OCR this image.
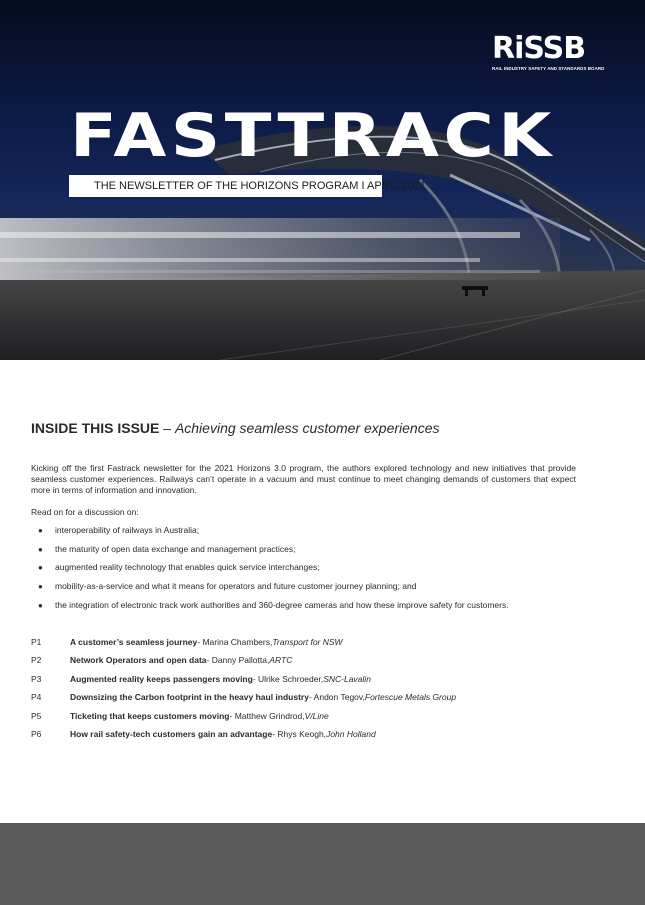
RiSSB
RAIL INDUSTRY SAFETY AND STANDARDS BOARD
FASTTRACK
THE NEWSLETTER OF THE HORIZONS PROGRAM I APRIL 2021
INSIDE THIS ISSUE – Achieving seamless customer experiences

Kicking off the first Fastrack newsletter for the 2021 Horizons 3.0 program, the authors explored technology and new initiatives that provide seamless customer experiences. Railways can’t operate in a vacuum and must continue to meet changing demands of customers that expect more in terms of information and innovation.

Read on for a discussion on:

● interoperability of railways in Australia;
● the maturity of open data exchange and management practices;
● augmented reality technology that enables quick service interchanges;
● mobility-as-a-service and what it means for operators and future customer journey planning; and
● the integration of electronic track work authorities and 360-degree cameras and how these improve safety for customers.
P1	A customer’s seamless journey - Marina Chambers, Transport for NSW
P2	Network Operators and open data - Danny Pallotta, ARTC
P3	Augmented reality keeps passengers moving - Ulrike Schroeder, SNC-Lavalin
P4	Downsizing the Carbon footprint in the heavy haul industry - Andon Tegov, Fortescue Metals Group
P5	Ticketing that keeps customers moving - Matthew Grindrod, V/Line
P6	How rail safety-tech customers gain an advantage - Rhys Keogh, John Holland
